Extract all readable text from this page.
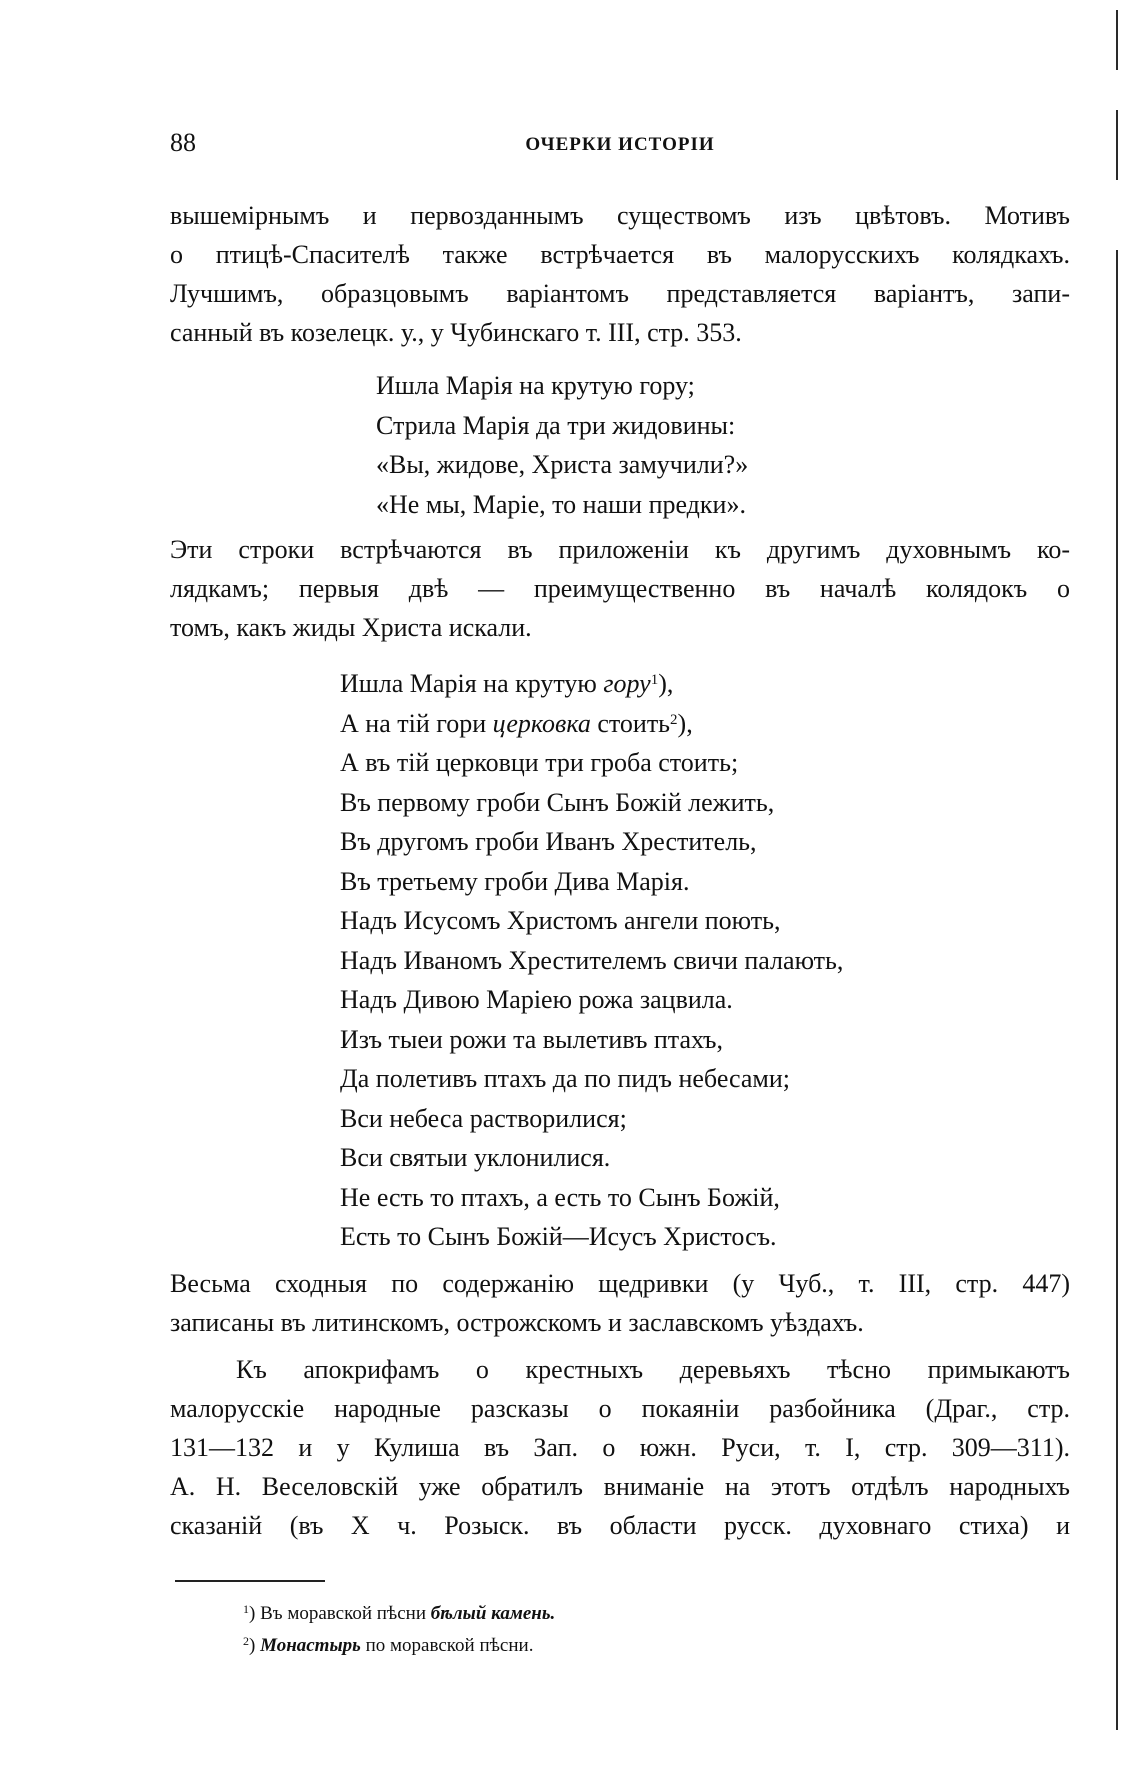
88	ОЧЕРКИ ИСТОРІИ
вышемірнымъ и первозданнымъ существомъ изъ цвѣтовъ. Мотивъ
о птицѣ-Спасителѣ также встрѣчается въ малорусскихъ колядкахъ.
Лучшимъ, образцовымъ варіантомъ представляется варіантъ, запи-
санный въ козелецк. у., у Чубинскаго т. III, стр. 353.
Ишла Марія на крутую гору;
Стрила Марія да три жидовины:
«Вы, жидове, Христа замучили?»
«Не мы, Маріе, то наши предки».
Эти строки встрѣчаются въ приложеніи къ другимъ духовнымъ ко-
лядкамъ; первыя двѣ — преимущественно въ началѣ колядокъ о
томъ, какъ жиды Христа искали.
Ишла Марія на крутую гору$^1$),
А на тій гори церковка стоить$^2$),
А въ тій церковци три гроба стоить;
Въ первому гроби Сынъ Божій лежить,
Въ другомъ гроби Иванъ Хреститель,
Въ третьему гроби Дива Марія.
Надъ Исусомъ Христомъ ангели поють,
Надъ Иваномъ Хрестителемъ свичи палають,
Надъ Дивою Маріею рожа зацвила.
Изъ тыеи рожи та вылетивъ птахъ,
Да полетивъ птахъ да по пидъ небесами;
Вси небеса растворилися;
Вси святыи уклонилися.
Не есть то птахъ, а есть то Сынъ Божій,
Есть то Сынъ Божій—Исусъ Христосъ.
Весьма сходныя по содержанію щедривки (у Чуб., т. III, стр. 447)
записаны въ литинскомъ, острожскомъ и заславскомъ уѣздахъ.
Къ апокрифамъ о крестныхъ деревьяхъ тѣсно примыкаютъ
малорусскіе народные разсказы о покаяніи разбойника (Драг., стр.
131—132 и у Кулиша въ Зап. о южн. Руси, т. I, стр. 309—311).
А. Н. Веселовскій уже обратилъ вниманіе на этотъ отдѣлъ народныхъ
сказаній (въ X ч. Розыск. въ области русск. духовнаго стиха) и
$^1$) Въ моравской пѣсни бѣлый камень.
$^2$) Монастырь по моравской пѣсни.
